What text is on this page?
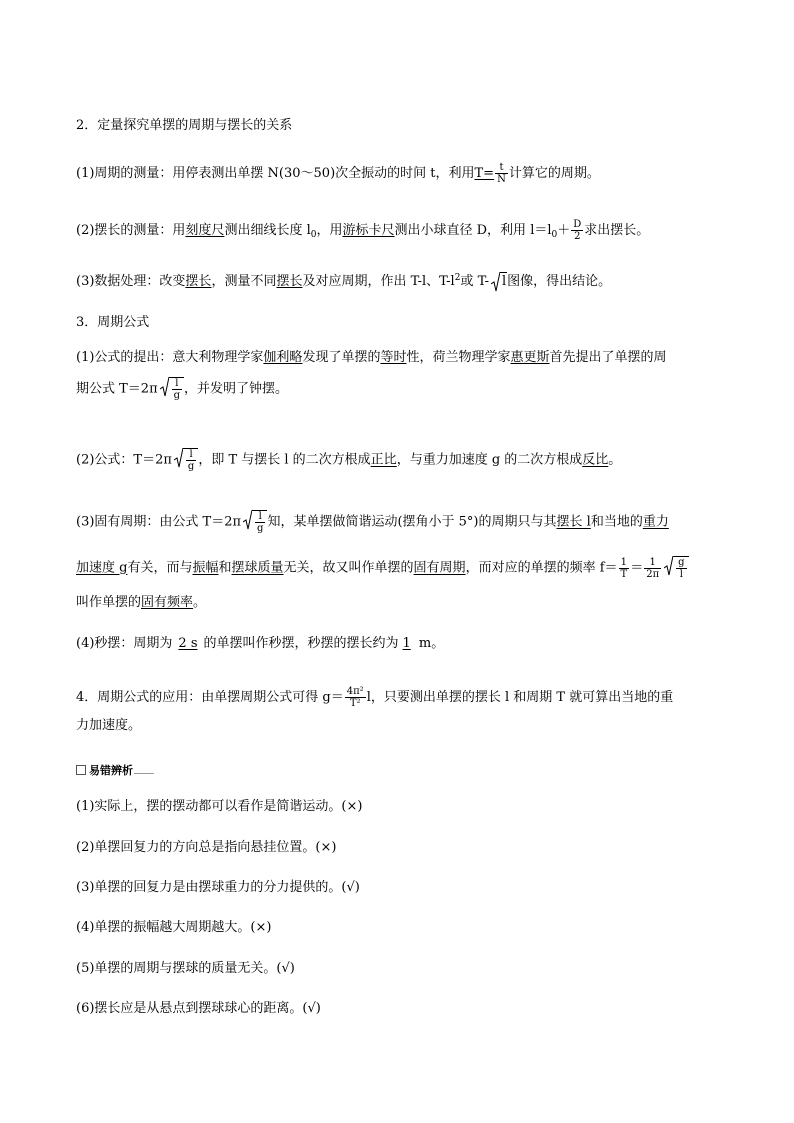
2．定量探究单摆的周期与摆长的关系
(1)周期的测量：用停表测出单摆 N(30～50)次全振动的时间 t，利用$T= \frac{t}{N}$ 计算它的周期。
(2)摆长的测量：用刻度尺测出细线长度 $l_0$，用游标卡尺测出小球直径 D，利用 $l=l_0+ \frac{D}{2}$ 求出摆长。
(3)数据处理：改变摆长，测量不同摆长及对应周期，作出 T-l、$T-l^2$或 T- l图像，得出结论。
3．周期公式
(1)公式的提出：意大利物理学家伽利略发现了单摆的等时性，荷兰物理学家惠更斯首先提出了单摆的周
期公式 $T=2\pi \frac{l}{g}$ ，并发明了钟摆。
(2)公式：$T=2\pi \frac{l}{g}$ ，即 T 与摆长 l 的二次方根成正比，与重力加速度 g 的二次方根成反比。
(3)固有周期：由公式 $T=2\pi \frac{l}{g}$ 知，某单摆做简谐运动(摆角小于 5°)的周期只与其摆长 l和当地的重力
加速度 g有关，而与振幅和摆球质量无关，故又叫作单摆的固有周期，而对应的单摆的频率 $f= \frac{1}{T} = \frac{1}{2\pi} \frac{g}{l}$
叫作单摆的固有频率。
(4)秒摆：周期为 2 s 的单摆叫作秒摆，秒摆的摆长约为 1 m。
4．周期公式的应用：由单摆周期公式可得 $g= \frac{\text{4π²}}{\text{T²}}$ l，只要测出单摆的摆长 l 和周期 T 就可算出当地的重
力加速度。
易错辨析
(1)实际上，摆的摆动都可以看作是简谐运动。(×)
(2)单摆回复力的方向总是指向悬挂位置。(×)
(3)单摆的回复力是由摆球重力的分力提供的。(√)
(4)单摆的振幅越大周期越大。(×)
(5)单摆的周期与摆球的质量无关。(√)
(6)摆长应是从悬点到摆球球心的距离。(√)
